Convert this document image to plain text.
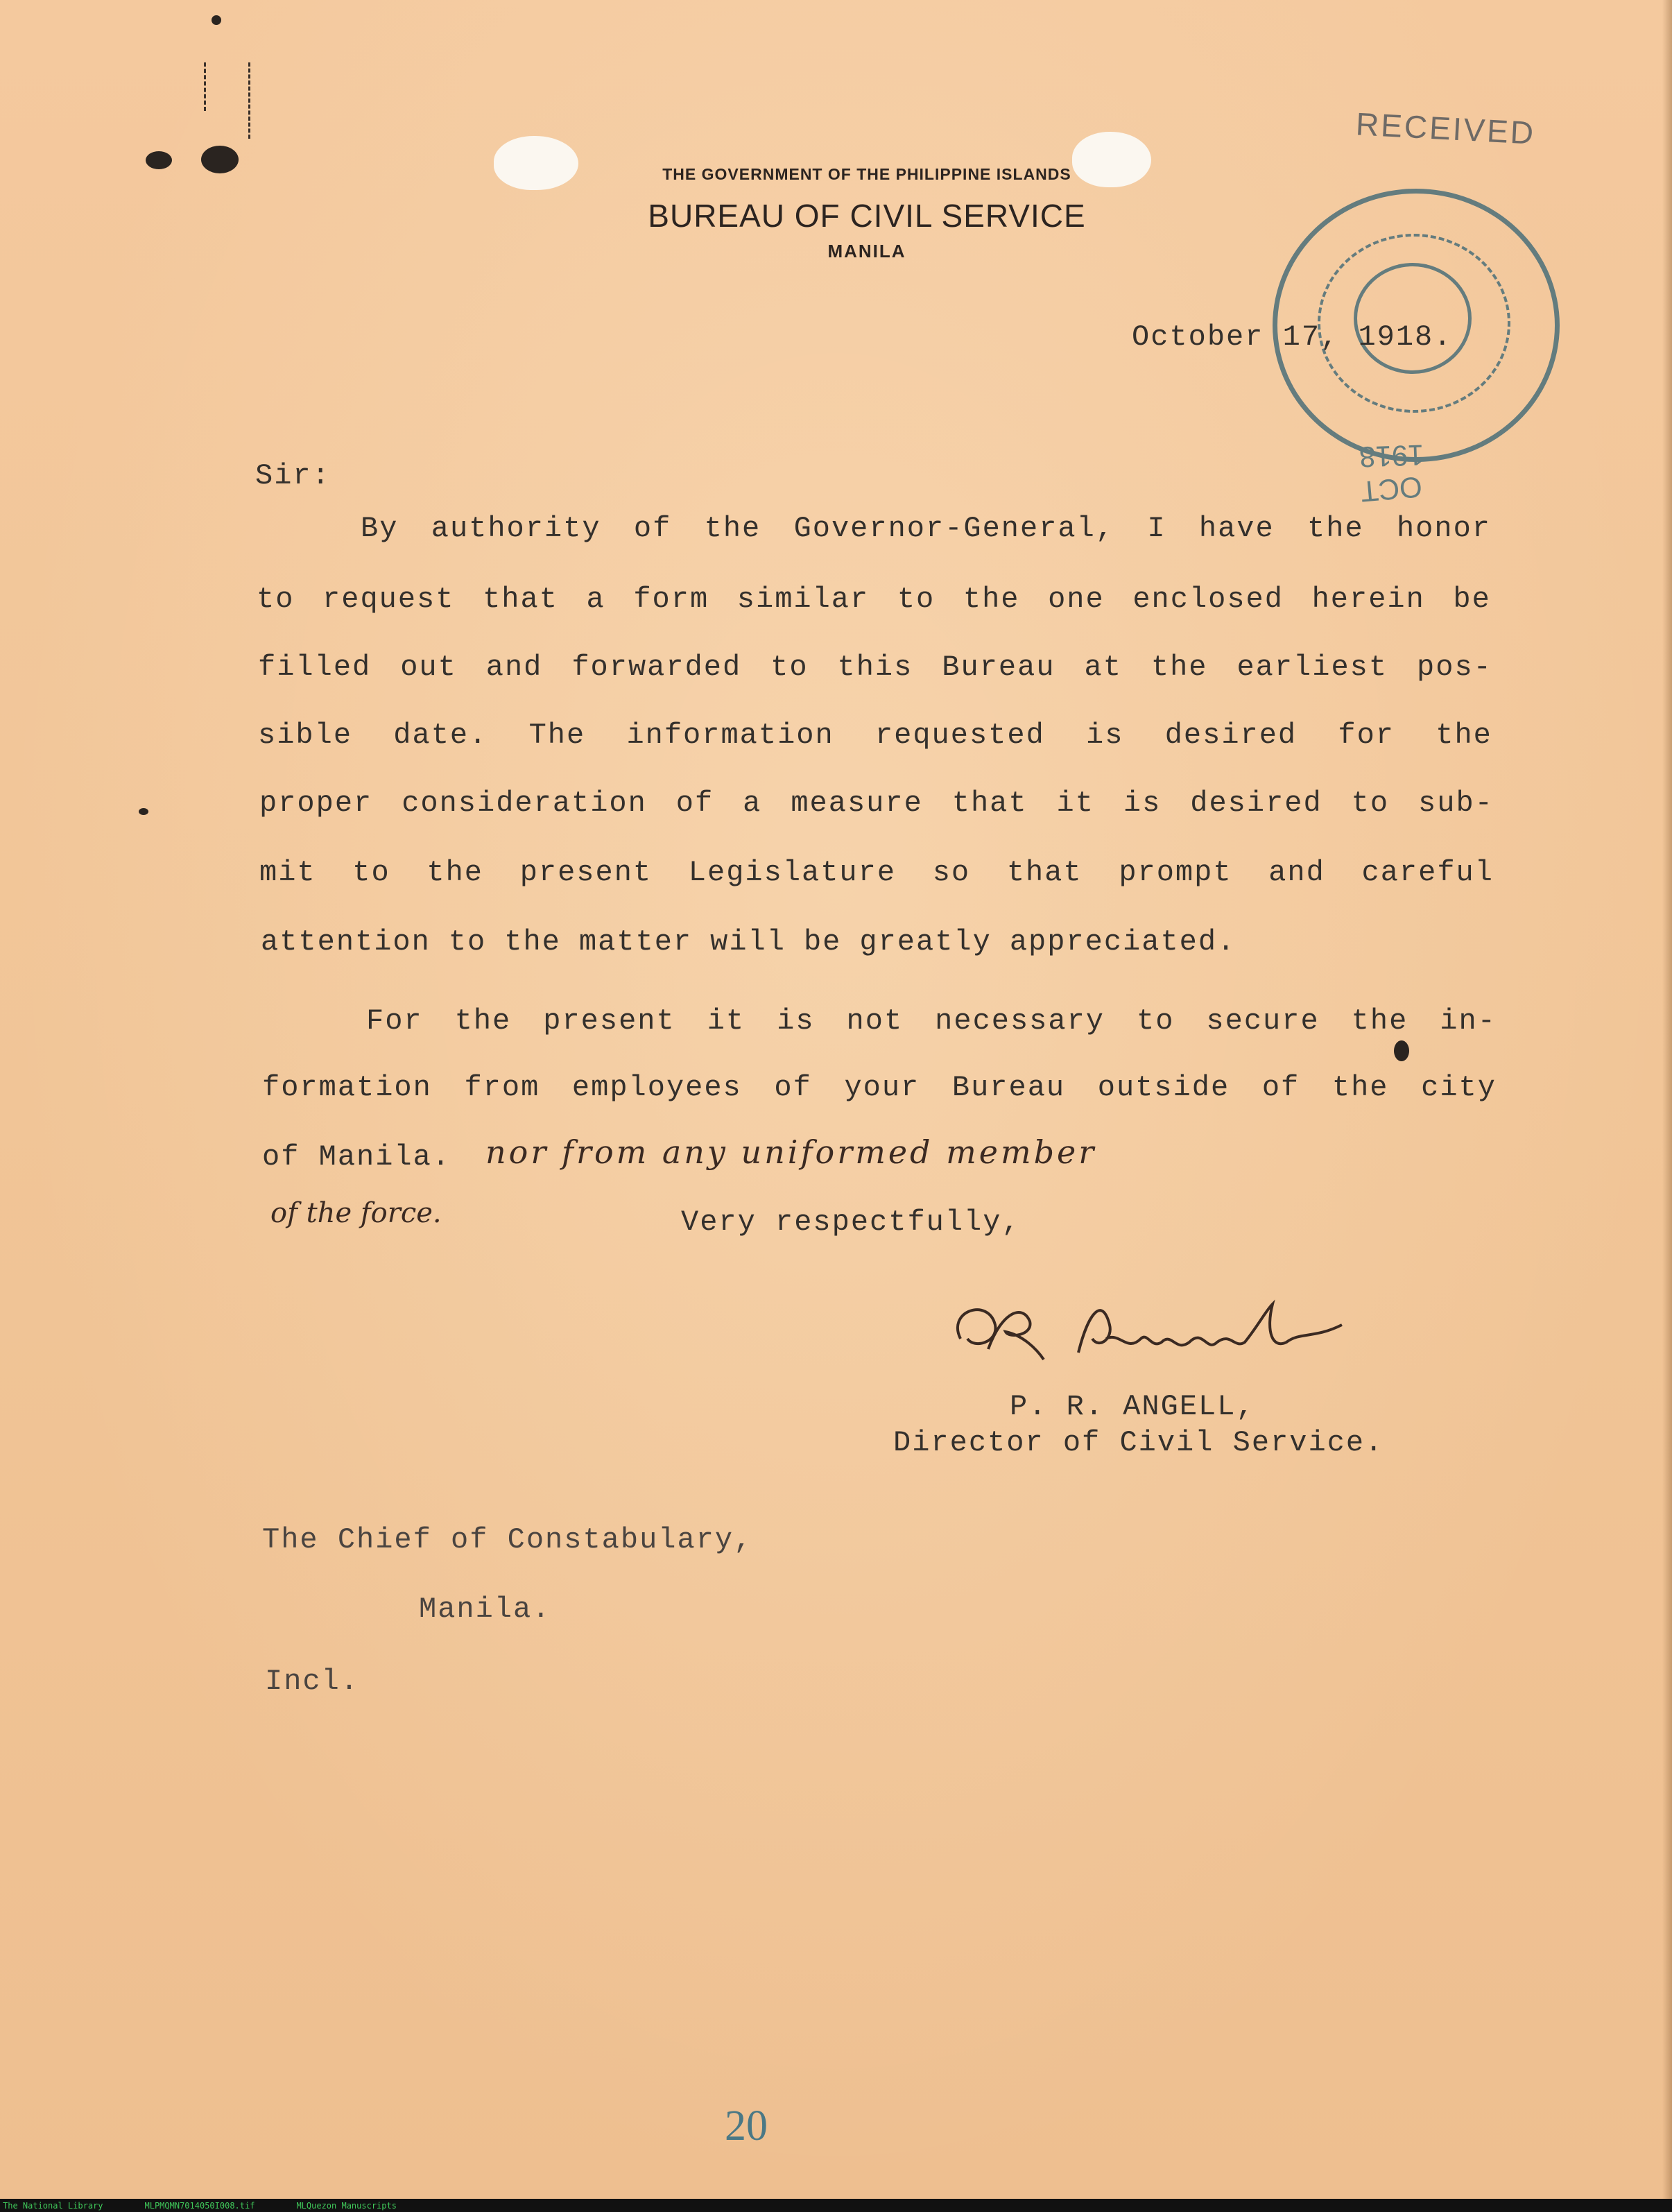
THE GOVERNMENT OF THE PHILIPPINE ISLANDS
BUREAU OF CIVIL SERVICE
MANILA
RECEIVED
OCT
1918
October 17, 1918.
Sir:
By authority of the Governor-General, I have the honor
to request that a form similar to the one enclosed herein be
filled out and forwarded to this Bureau at the earliest pos-
sible date. The information requested is desired for the
proper consideration of a measure that it is desired to sub-
mit to the present Legislature so that prompt and careful
attention to the matter will be greatly appreciated.
For the present it is not necessary to secure the in-
formation from employees of your Bureau outside of the city
of Manila. nor from any uniformed member
of the force.	Very respectfully,
P. R. ANGELL,
Director of Civil Service.
The Chief of Constabulary,
Manila.
Incl.
20
The National Library	MLPMQMN7014050I008.tif	MLQuezon Manuscripts
